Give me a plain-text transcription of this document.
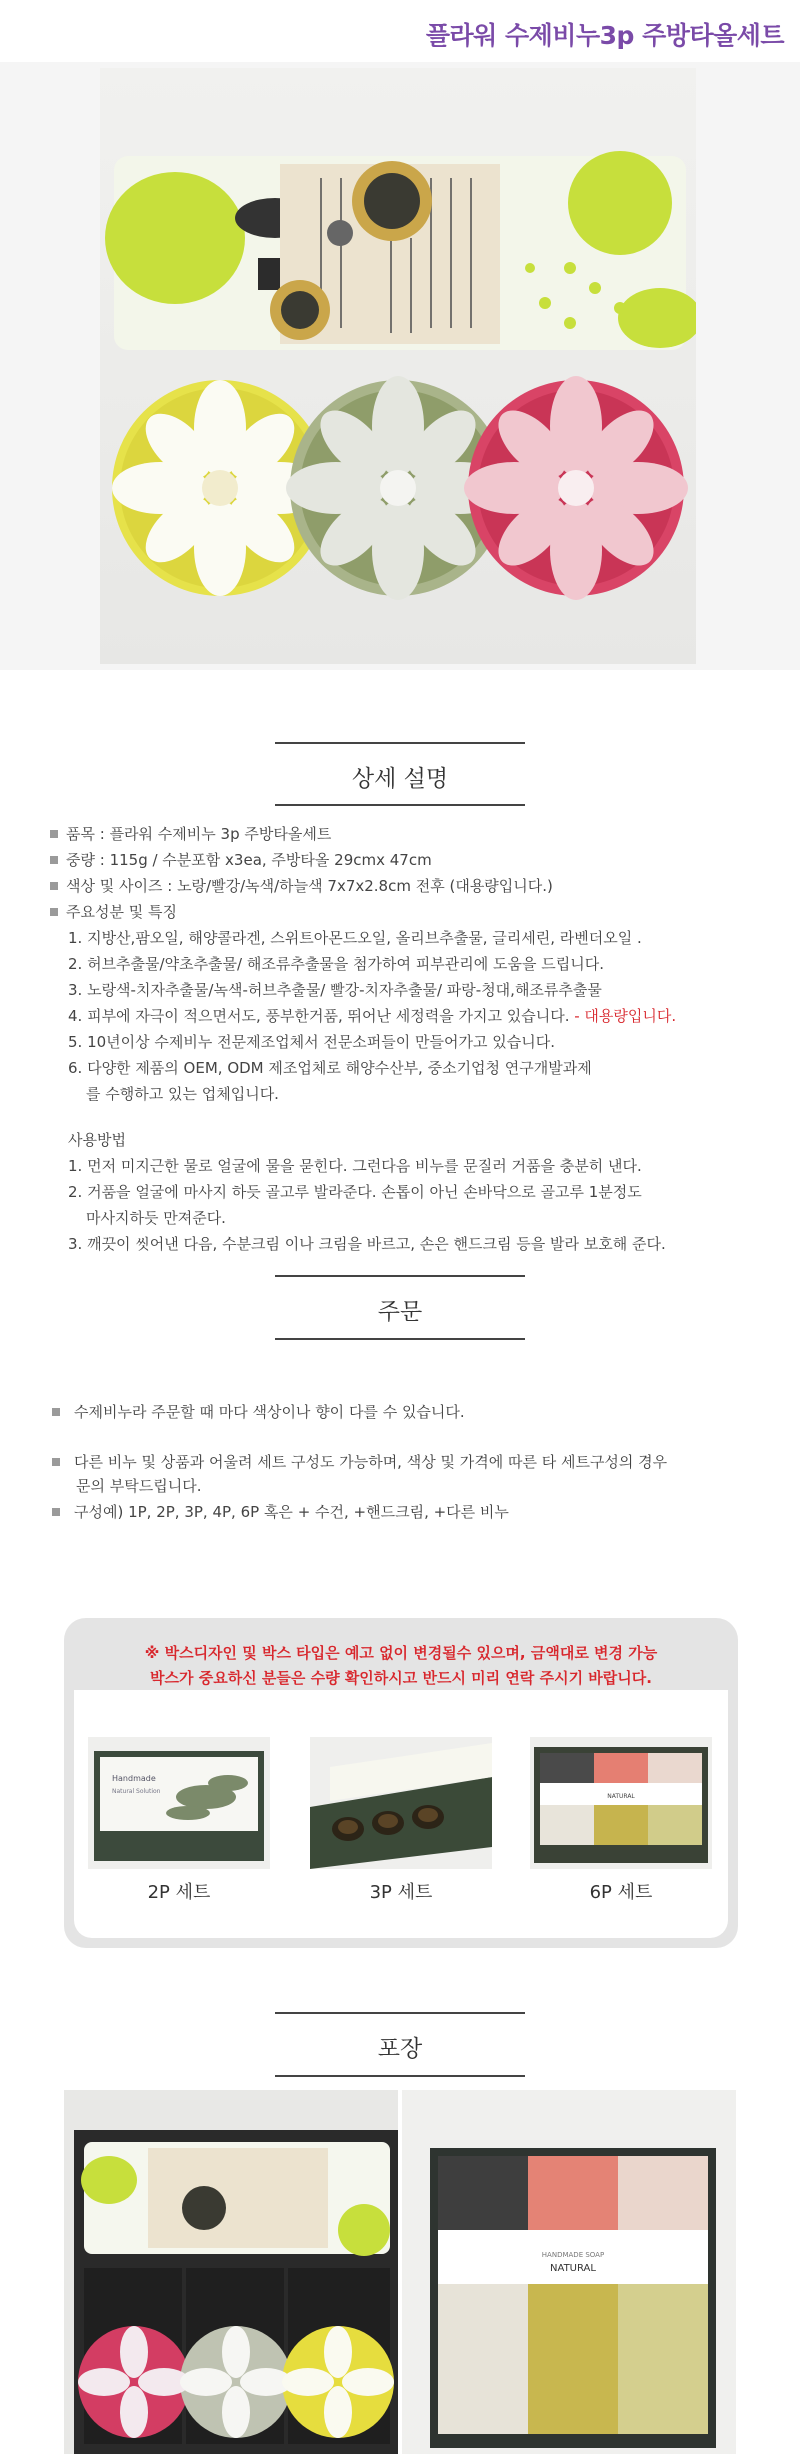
플라워 수제비누3p 주방타올세트
상세 설명
품목 : 플라워 수제비누 3p 주방타올세트
중량 : 115g / 수분포함 x3ea, 주방타올 29cmx 47cm
색상 및 사이즈 : 노랑/빨강/녹색/하늘색 7x7x2.8cm 전후 (대용량입니다.)
주요성분 및 특징
1. 지방산,팜오일, 해양콜라겐, 스위트아몬드오일, 올리브추출물, 글리세린, 라벤더오일 .
2. 허브추출물/약초추출물/ 해조류추출물을 첨가하여 피부관리에 도움을 드립니다.
3. 노랑색-치자추출물/녹색-허브추출물/ 빨강-치자추출물/ 파랑-청대,해조류추출물
4. 피부에 자극이 적으면서도, 풍부한거품, 뛰어난 세정력을 가지고 있습니다. - 대용량입니다.
5. 10년이상 수제비누 전문제조업체서 전문소퍼들이 만들어가고 있습니다.
6. 다양한 제품의 OEM, ODM 제조업체로 해양수산부, 중소기업청 연구개발과제
를 수행하고 있는 업체입니다.
사용방법
1. 먼저 미지근한 물로 얼굴에 물을 묻힌다. 그런다음 비누를 문질러 거품을 충분히 낸다.
2. 거품을 얼굴에 마사지 하듯 골고루 발라준다. 손톱이 아닌 손바닥으로 골고루 1분정도
마사지하듯 만져준다.
3. 깨끗이 씻어낸 다음, 수분크림 이나 크림을 바르고, 손은 핸드크림 등을 발라 보호해 준다.
주문
수제비누라 주문할 때 마다 색상이나 향이 다를 수 있습니다.
다른 비누 및 상품과 어울려 세트 구성도 가능하며, 색상 및 가격에 따른 타 세트구성의 경우
문의 부탁드립니다.
구성예) 1P, 2P, 3P, 4P, 6P 혹은 + 수건, +핸드크림, +다른 비누
※ 박스디자인 및 박스 타입은 예고 없이 변경될수 있으며, 금액대로 변경 가능
박스가 중요하신 분들은 수량 확인하시고 반드시 미리 연락 주시기 바랍니다.
Handmade
Natural Solution
2P 세트	3P 세트
NATURAL
6P 세트
포장
HANDMADE SOAP
NATURAL
